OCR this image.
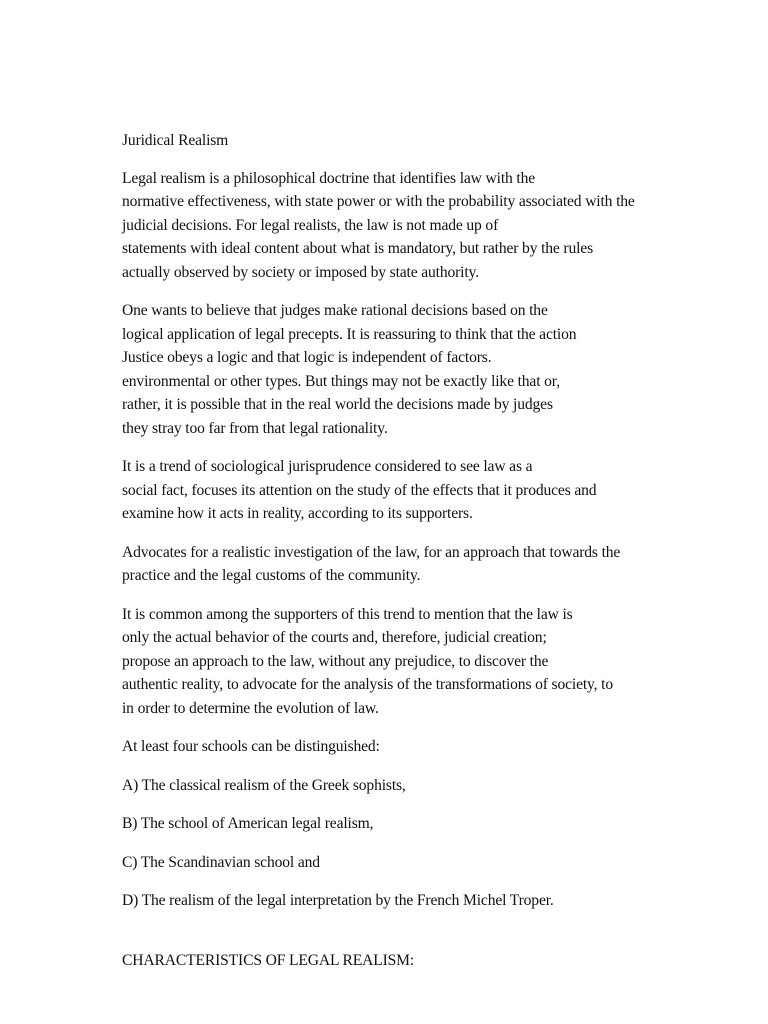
Juridical Realism
Legal realism is a philosophical doctrine that identifies law with the
normative effectiveness, with state power or with the probability associated with the
judicial decisions. For legal realists, the law is not made up of
statements with ideal content about what is mandatory, but rather by the rules
actually observed by society or imposed by state authority.
One wants to believe that judges make rational decisions based on the
logical application of legal precepts. It is reassuring to think that the action
Justice obeys a logic and that logic is independent of factors.
environmental or other types. But things may not be exactly like that or,
rather, it is possible that in the real world the decisions made by judges
they stray too far from that legal rationality.
It is a trend of sociological jurisprudence considered to see law as a
social fact, focuses its attention on the study of the effects that it produces and
examine how it acts in reality, according to its supporters.
Advocates for a realistic investigation of the law, for an approach that towards the
practice and the legal customs of the community.
It is common among the supporters of this trend to mention that the law is
only the actual behavior of the courts and, therefore, judicial creation;
propose an approach to the law, without any prejudice, to discover the
authentic reality, to advocate for the analysis of the transformations of society, to
in order to determine the evolution of law.
At least four schools can be distinguished:
A) The classical realism of the Greek sophists,
B) The school of American legal realism,
C) The Scandinavian school and
D) The realism of the legal interpretation by the French Michel Troper.
CHARACTERISTICS OF LEGAL REALISM:
